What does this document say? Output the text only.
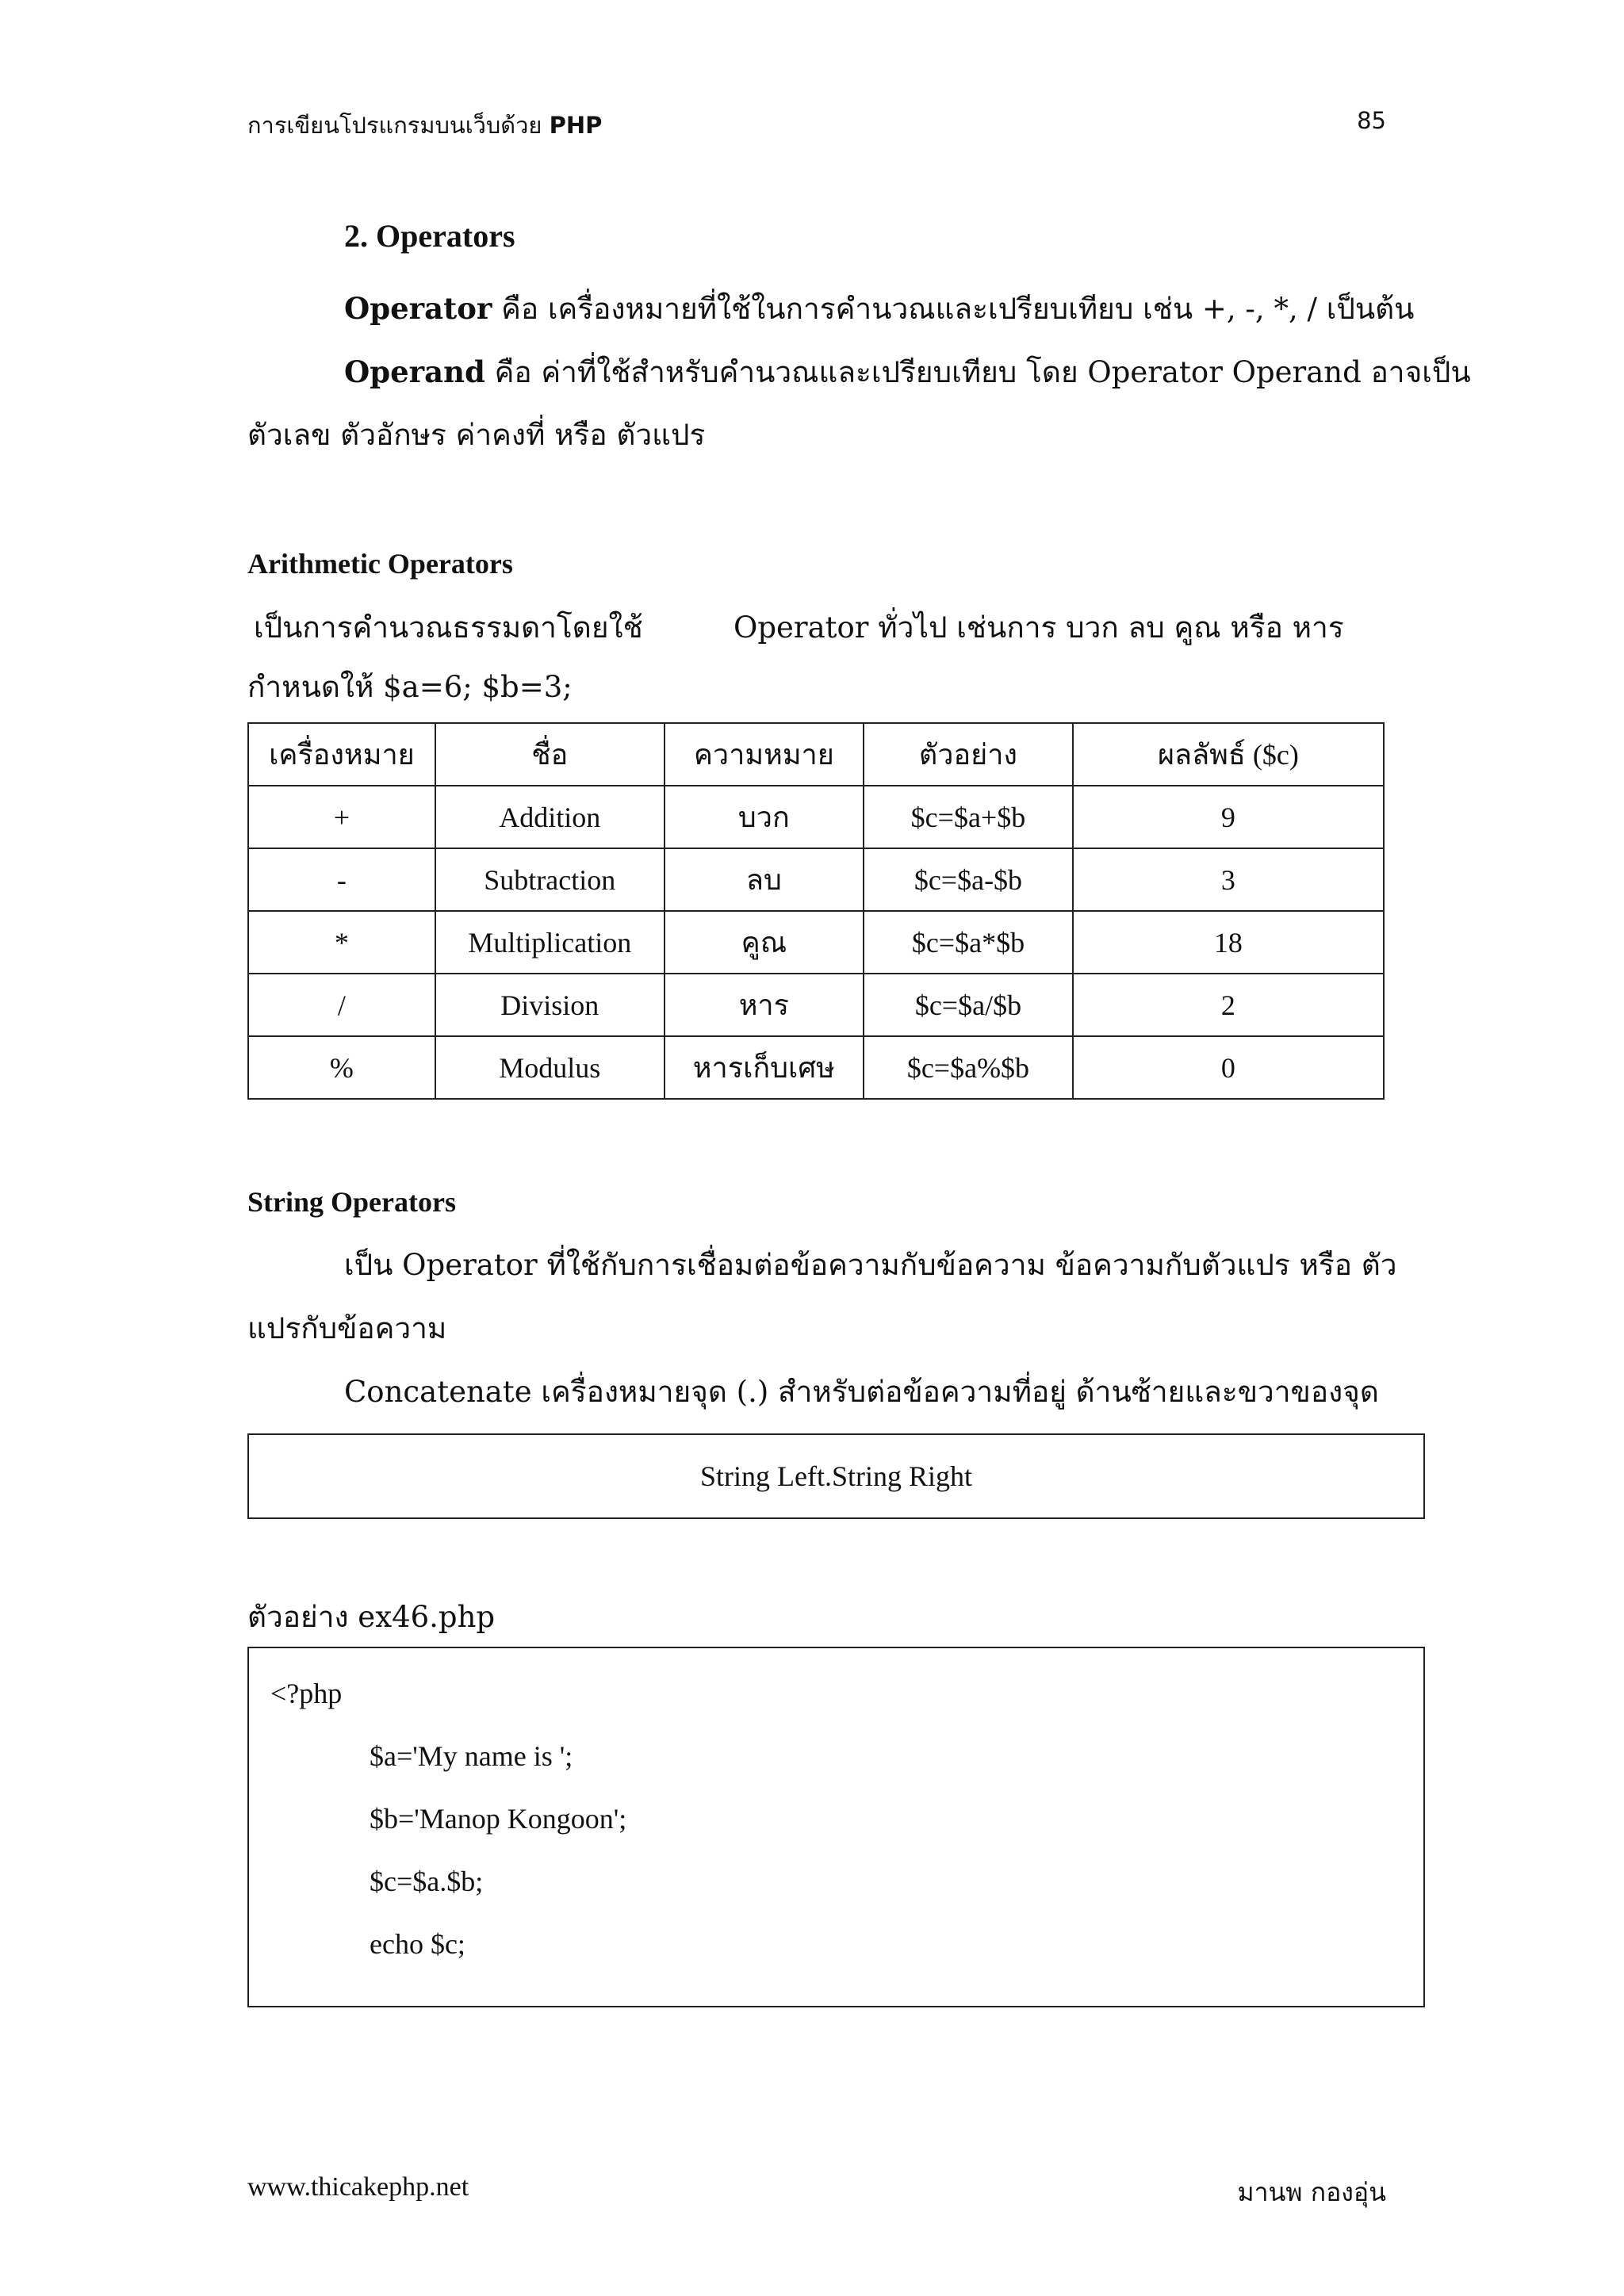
การเขียนโปรแกรมบนเว็บด้วย PHP	85
2. Operators
Operator คือ เครื่องหมายที่ใช้ในการคำนวณและเปรียบเทียบ เช่น +, -, *, / เป็นต้น
Operand คือ ค่าที่ใช้สำหรับคำนวณและเปรียบเทียบ โดย Operator Operand อาจเป็น
ตัวเลข ตัวอักษร ค่าคงที่ หรือ ตัวแปร
Arithmetic Operators
เป็นการคำนวณธรรมดาโดยใช้	Operator ทั่วไป เช่นการ บวก ลบ คูณ หรือ หาร
กำหนดให้ $a=6; $b=3;
เครื่องหมาย	ชื่อ	ความหมาย	ตัวอย่าง	ผลลัพธ์ ($c)
+	Addition	บวก	$c=$a+$b	9
-	Subtraction	ลบ	$c=$a-$b	3
*	Multiplication	คูณ	$c=$a*$b	18
/	Division	หาร	$c=$a/$b	2
%	Modulus	หารเก็บเศษ	$c=$a%$b	0
String Operators
เป็น Operator ที่ใช้กับการเชื่อมต่อข้อความกับข้อความ ข้อความกับตัวแปร หรือ ตัว
แปรกับข้อความ
Concatenate เครื่องหมายจุด (.) สำหรับต่อข้อความที่อยู่ ด้านซ้ายและขวาของจุด
String Left.String Right
ตัวอย่าง ex46.php
<?php
$a='My name is ';
$b='Manop Kongoon';
$c=$a.$b;
echo $c;
www.thicakephp.net	มานพ กองอุ่น
